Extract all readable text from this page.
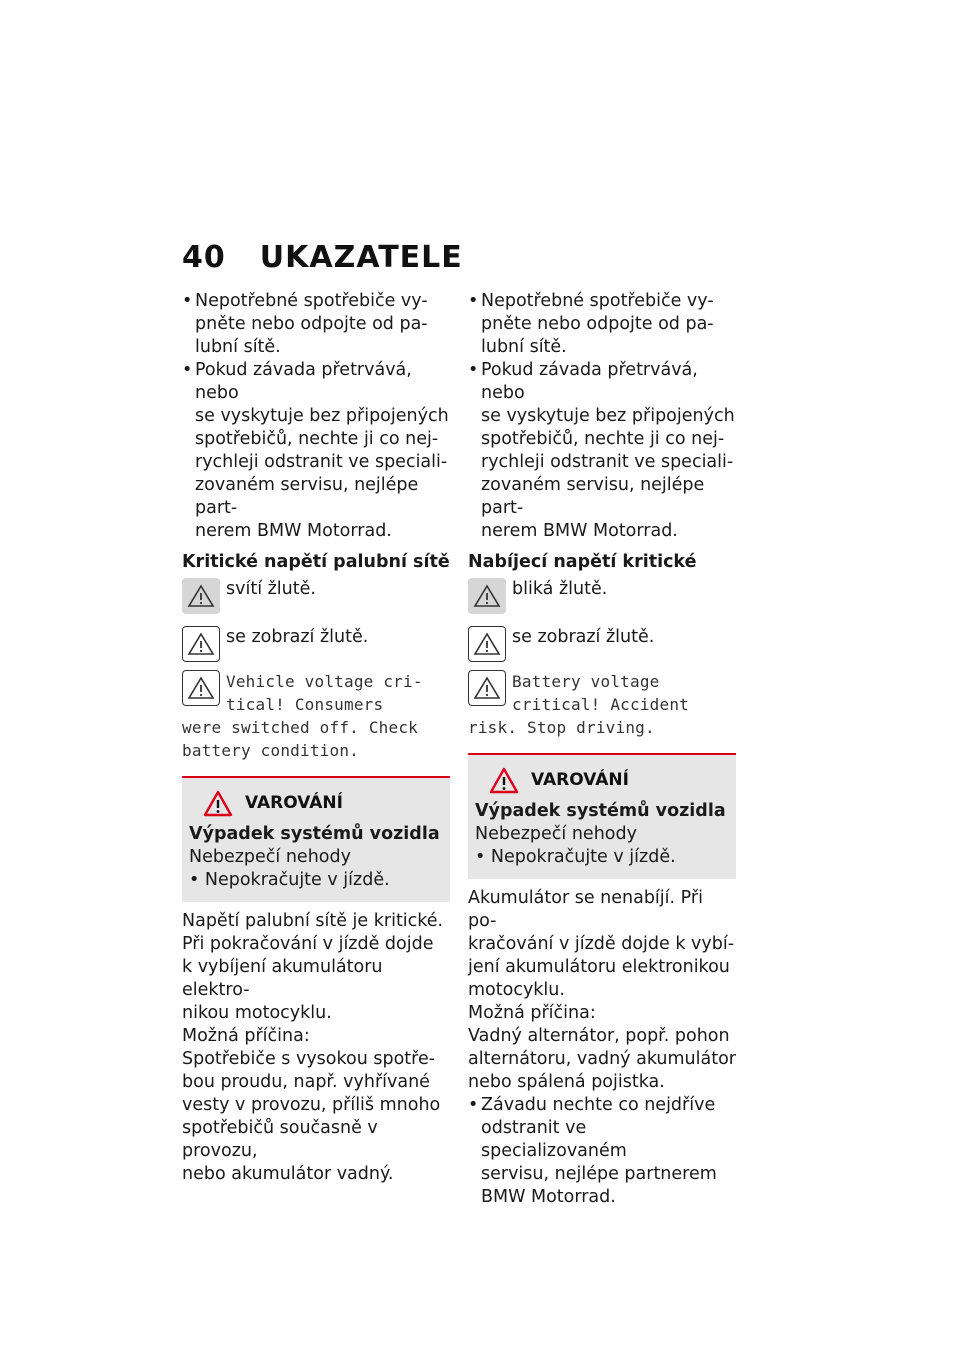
40 UKAZATELE
• Nepotřebné spotřebiče vy-
pněte nebo odpojte od pa-
lubní sítě.
• Pokud závada přetrvává, nebo
se vyskytuje bez připojených
spotřebičů, nechte ji co nej-
rychleji odstranit ve speciali-
zovaném servisu, nejlépe part-
nerem BMW Motorrad.
Kritické napětí palubní sítě
svítí žlutě.
se zobrazí žlutě.
Vehicle voltage cri-
tical! Consumers
were switched off. Check
battery condition.
VAROVÁNÍ
Výpadek systémů vozidla
Nebezpečí nehody
• Nepokračujte v jízdě.
Napětí palubní sítě je kritické.
Při pokračování v jízdě dojde
k vybíjení akumulátoru elektro-
nikou motocyklu.
Možná příčina:
Spotřebiče s vysokou spotře-
bou proudu, např. vyhřívané
vesty v provozu, příliš mnoho
spotřebičů současně v provozu,
nebo akumulátor vadný.
• Nepotřebné spotřebiče vy-
pněte nebo odpojte od pa-
lubní sítě.
• Pokud závada přetrvává, nebo
se vyskytuje bez připojených
spotřebičů, nechte ji co nej-
rychleji odstranit ve speciali-
zovaném servisu, nejlépe part-
nerem BMW Motorrad.
Nabíjecí napětí kritické
bliká žlutě.
se zobrazí žlutě.
Battery voltage
critical! Accident
risk. Stop driving.
VAROVÁNÍ
Výpadek systémů vozidla
Nebezpečí nehody
• Nepokračujte v jízdě.
Akumulátor se nenabíjí. Při po-
kračování v jízdě dojde k vybí-
jení akumulátoru elektronikou
motocyklu.
Možná příčina:
Vadný alternátor, popř. pohon
alternátoru, vadný akumulátor
nebo spálená pojistka.
• Závadu nechte co nejdříve
odstranit ve specializovaném
servisu, nejlépe partnerem
BMW Motorrad.
